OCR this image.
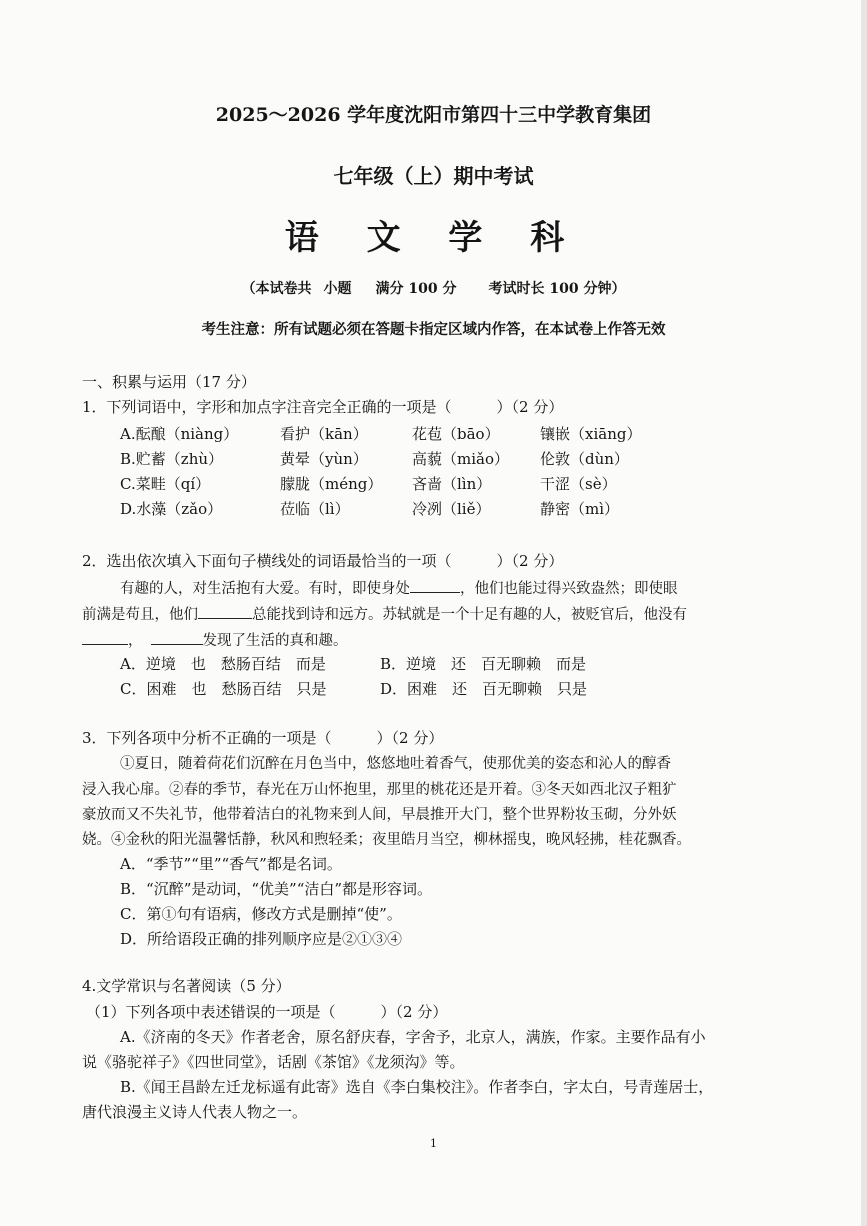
2025～2026 学年度沈阳市第四十三中学教育集团
七年级（上）期中考试
语 文 学 科
（本试卷共 小题 满分 100 分 考试时长 100 分钟）
考生注意：所有试题必须在答题卡指定区域内作答，在本试卷上作答无效
一、积累与运用（17 分）
1．下列词语中，字形和加点字注音完全正确的一项是（　　　）（2 分）
A.酝酿（niàng）	看护（kān）	花苞（bāo）	镶嵌（xiāng）
B.贮蓄（zhù）	黄晕（yùn）	高藐（miǎo） 伦敦（dùn）
C.菜畦（qí）	朦胧（méng） 吝啬（lìn）	干涩（sè）
D.水藻（zǎo）	莅临（lì）	冷冽（liě）	静密（mì）
2．选出依次填入下面句子横线处的词语最恰当的一项（　　　）（2 分）
有趣的人，对生活抱有大爱。有时，即使身处	，他们也能过得兴致盎然；即使眼
前满是苟且，他们	总能找到诗和远方。苏轼就是一个十足有趣的人，被贬官后，他没有
，	发现了生活的真和趣。
A．逆境　也　愁肠百结　而是	B．逆境　还　百无聊赖　而是
C．困难　也　愁肠百结　只是	D．困难　还　百无聊赖　只是
3．下列各项中分析不正确的一项是（　　　）（2 分）
①夏日，随着荷花们沉醉在月色当中，悠悠地吐着香气，使那优美的姿态和沁人的醇香
浸入我心扉。②春的季节，春光在万山怀抱里，那里的桃花还是开着。③冬天如西北汉子粗犷
豪放而又不失礼节，他带着洁白的礼物来到人间，早晨推开大门，整个世界粉妆玉砌，分外妖
娆。④金秋的阳光温馨恬静，秋风和煦轻柔；夜里皓月当空，柳林摇曳，晚风轻拂，桂花飘香。
A．“季节”“里”“香气”都是名词。
B．“沉醉”是动词，“优美”“洁白”都是形容词。
C．第①句有语病，修改方式是删掉“使”。
D．所给语段正确的排列顺序应是②①③④
4.文学常识与名著阅读（5 分）
（1）下列各项中表述错误的一项是（　　　）（2 分）
A.《济南的冬天》作者老舍，原名舒庆春，字舍予，北京人，满族，作家。主要作品有小
说《骆驼祥子》《四世同堂》，话剧《茶馆》《龙须沟》等。
B.《闻王昌龄左迁龙标遥有此寄》选自《李白集校注》。作者李白，字太白，号青莲居士，
唐代浪漫主义诗人代表人物之一。
1
